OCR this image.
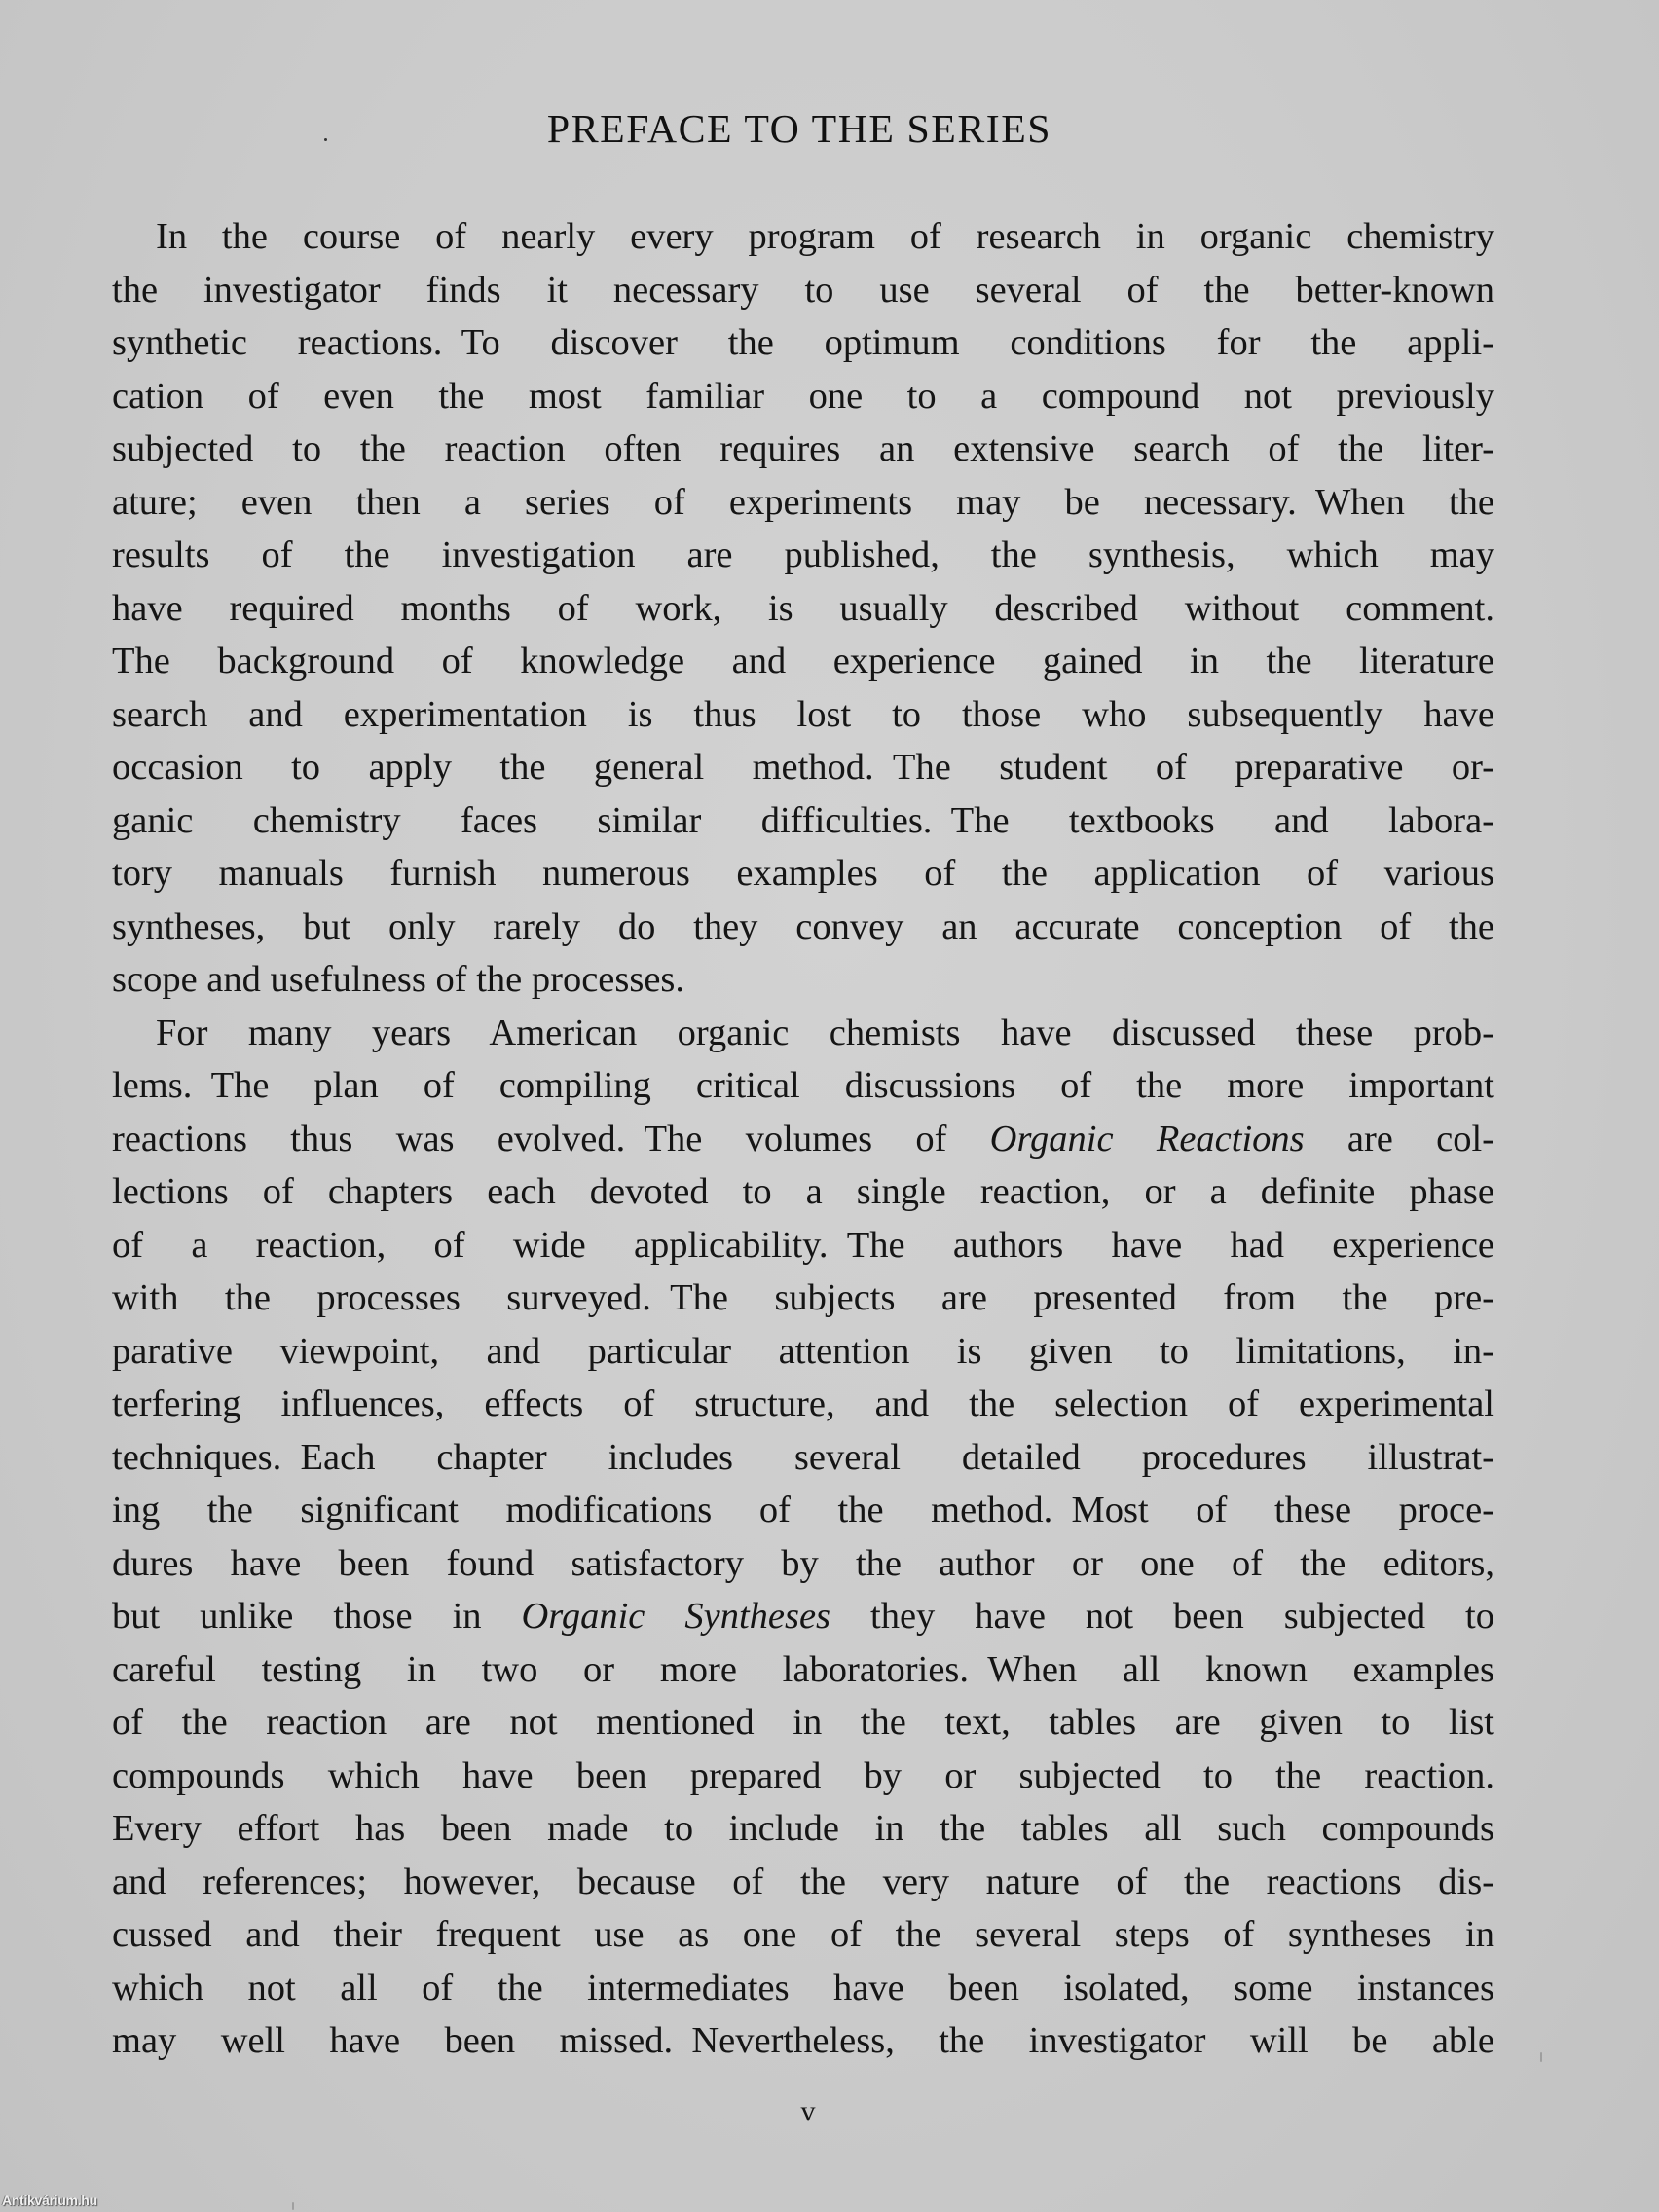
PREFACE TO THE SERIES
In the course of nearly every program of research in organic chemistry
the investigator finds it necessary to use several of the better-known
synthetic reactions. To discover the optimum conditions for the appli-
cation of even the most familiar one to a compound not previously
subjected to the reaction often requires an extensive search of the liter-
ature; even then a series of experiments may be necessary. When the
results of the investigation are published, the synthesis, which may
have required months of work, is usually described without comment.
The background of knowledge and experience gained in the literature
search and experimentation is thus lost to those who subsequently have
occasion to apply the general method. The student of preparative or-
ganic chemistry faces similar difficulties. The textbooks and labora-
tory manuals furnish numerous examples of the application of various
syntheses, but only rarely do they convey an accurate conception of the
scope and usefulness of the processes.
For many years American organic chemists have discussed these prob-
lems. The plan of compiling critical discussions of the more important
reactions thus was evolved. The volumes of Organic Reactions are col-
lections of chapters each devoted to a single reaction, or a definite phase
of a reaction, of wide applicability. The authors have had experience
with the processes surveyed. The subjects are presented from the pre-
parative viewpoint, and particular attention is given to limitations, in-
terfering influences, effects of structure, and the selection of experimental
techniques. Each chapter includes several detailed procedures illustrat-
ing the significant modifications of the method. Most of these proce-
dures have been found satisfactory by the author or one of the editors,
but unlike those in Organic Syntheses they have not been subjected to
careful testing in two or more laboratories. When all known examples
of the reaction are not mentioned in the text, tables are given to list
compounds which have been prepared by or subjected to the reaction.
Every effort has been made to include in the tables all such compounds
and references; however, because of the very nature of the reactions dis-
cussed and their frequent use as one of the several steps of syntheses in
which not all of the intermediates have been isolated, some instances
may well have been missed. Nevertheless, the investigator will be able
v
Antikvárium.hu
